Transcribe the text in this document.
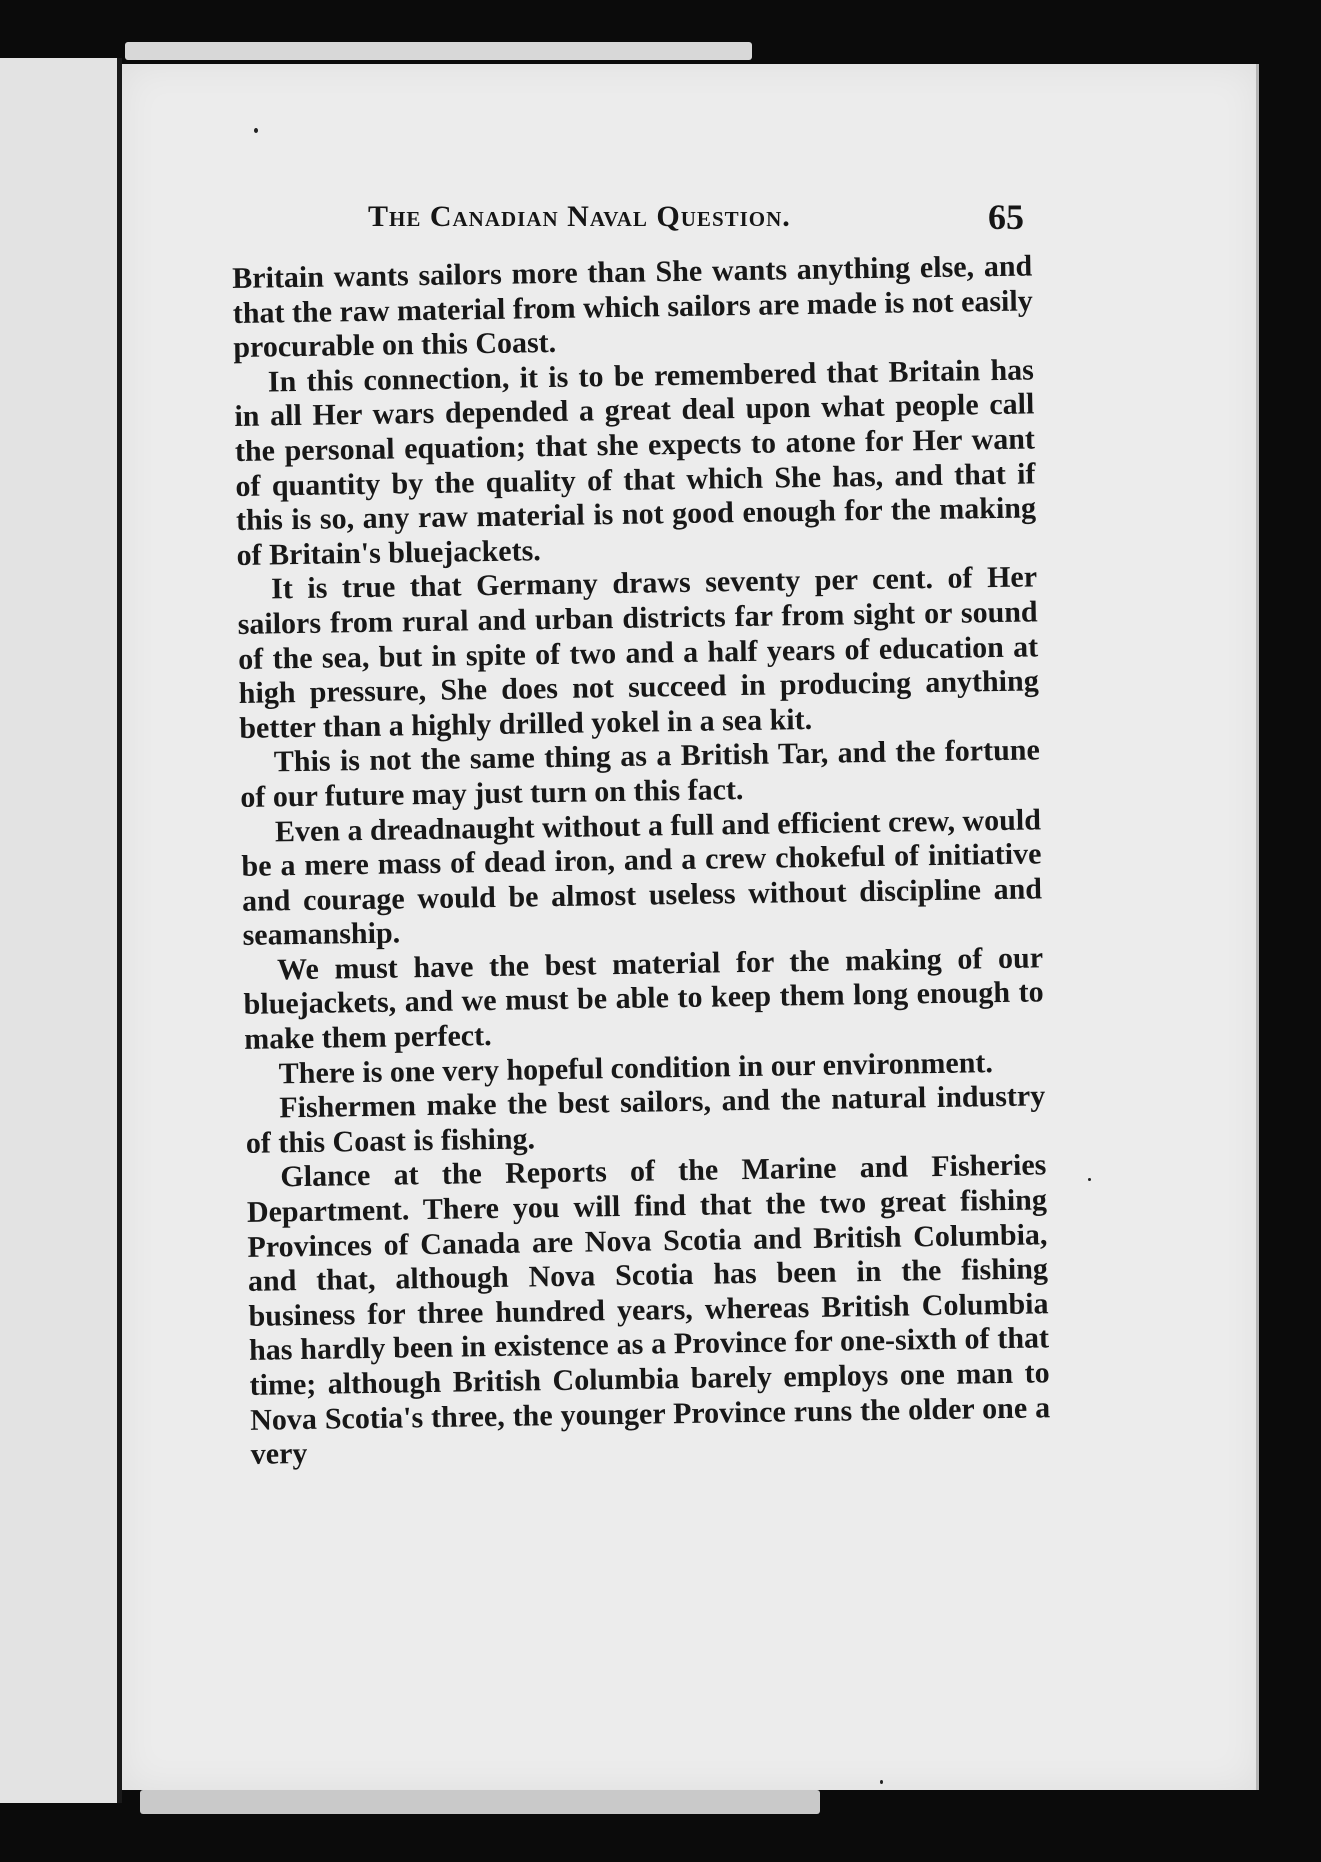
The Canadian Naval Question.	65

Britain wants sailors more than She wants anything else, and that the raw material from which sailors are made is not easily procurable on this Coast.

In this connection, it is to be remembered that Britain has in all Her wars depended a great deal upon what people call the personal equation; that she expects to atone for Her want of quantity by the quality of that which She has, and that if this is so, any raw material is not good enough for the making of Britain's bluejackets.

It is true that Germany draws seventy per cent. of Her sailors from rural and urban districts far from sight or sound of the sea, but in spite of two and a half years of education at high pressure, She does not succeed in producing anything better than a highly drilled yokel in a sea kit.

This is not the same thing as a British Tar, and the fortune of our future may just turn on this fact.

Even a dreadnaught without a full and efficient crew, would be a mere mass of dead iron, and a crew chokeful of initiative and courage would be almost useless without discipline and seamanship.

We must have the best material for the making of our bluejackets, and we must be able to keep them long enough to make them perfect.

There is one very hopeful condition in our environment.

Fishermen make the best sailors, and the natural industry of this Coast is fishing.

Glance at the Reports of the Marine and Fisheries Department. There you will find that the two great fishing Provinces of Canada are Nova Scotia and British Columbia, and that, although Nova Scotia has been in the fishing business for three hundred years, whereas British Columbia has hardly been in existence as a Province for one-sixth of that time; although British Columbia barely employs one man to Nova Scotia's three, the younger Province runs the older one a very
